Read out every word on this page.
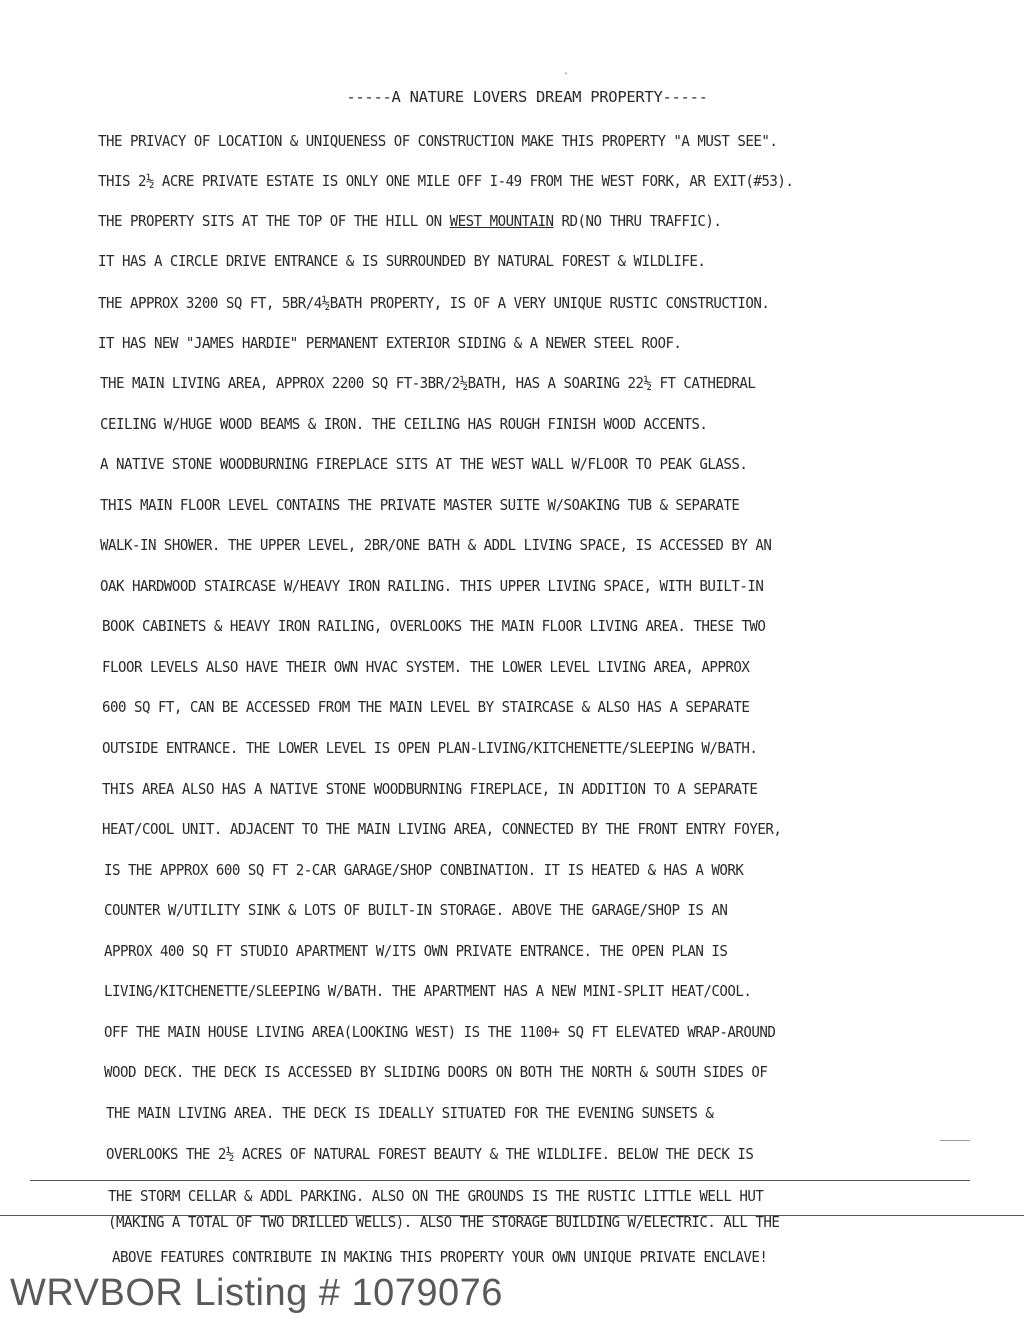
.
-----A NATURE LOVERS DREAM PROPERTY-----
THE PRIVACY OF LOCATION & UNIQUENESS OF CONSTRUCTION MAKE THIS PROPERTY "A MUST SEE".
THIS 2½ ACRE PRIVATE ESTATE IS ONLY ONE MILE OFF I-49 FROM THE WEST FORK, AR EXIT(#53).
THE PROPERTY SITS AT THE TOP OF THE HILL ON WEST MOUNTAIN RD(NO THRU TRAFFIC).
IT HAS A CIRCLE DRIVE ENTRANCE & IS SURROUNDED BY NATURAL FOREST & WILDLIFE.
THE APPROX 3200 SQ FT, 5BR/4½BATH PROPERTY, IS OF A VERY UNIQUE RUSTIC CONSTRUCTION.
IT HAS NEW "JAMES HARDIE" PERMANENT EXTERIOR SIDING & A NEWER STEEL ROOF.
THE MAIN LIVING AREA, APPROX 2200 SQ FT-3BR/2½BATH, HAS A SOARING 22½ FT CATHEDRAL
CEILING W/HUGE WOOD BEAMS & IRON. THE CEILING HAS ROUGH FINISH WOOD ACCENTS.
A NATIVE STONE WOODBURNING FIREPLACE SITS AT THE WEST WALL W/FLOOR TO PEAK GLASS.
THIS MAIN FLOOR LEVEL CONTAINS THE PRIVATE MASTER SUITE W/SOAKING TUB & SEPARATE
WALK-IN SHOWER. THE UPPER LEVEL, 2BR/ONE BATH & ADDL LIVING SPACE, IS ACCESSED BY AN
OAK HARDWOOD STAIRCASE W/HEAVY IRON RAILING. THIS UPPER LIVING SPACE, WITH BUILT-IN
BOOK CABINETS & HEAVY IRON RAILING, OVERLOOKS THE MAIN FLOOR LIVING AREA. THESE TWO
FLOOR LEVELS ALSO HAVE THEIR OWN HVAC SYSTEM. THE LOWER LEVEL LIVING AREA, APPROX
600 SQ FT, CAN BE ACCESSED FROM THE MAIN LEVEL BY STAIRCASE & ALSO HAS A SEPARATE
OUTSIDE ENTRANCE. THE LOWER LEVEL IS OPEN PLAN-LIVING/KITCHENETTE/SLEEPING W/BATH.
THIS AREA ALSO HAS A NATIVE STONE WOODBURNING FIREPLACE, IN ADDITION TO A SEPARATE
HEAT/COOL UNIT. ADJACENT TO THE MAIN LIVING AREA, CONNECTED BY THE FRONT ENTRY FOYER,
IS THE APPROX 600 SQ FT 2-CAR GARAGE/SHOP CONBINATION. IT IS HEATED & HAS A WORK
COUNTER W/UTILITY SINK & LOTS OF BUILT-IN STORAGE. ABOVE THE GARAGE/SHOP IS AN
APPROX 400 SQ FT STUDIO APARTMENT W/ITS OWN PRIVATE ENTRANCE. THE OPEN PLAN IS
LIVING/KITCHENETTE/SLEEPING W/BATH. THE APARTMENT HAS A NEW MINI-SPLIT HEAT/COOL.
OFF THE MAIN HOUSE LIVING AREA(LOOKING WEST) IS THE 1100+ SQ FT ELEVATED WRAP-AROUND
WOOD DECK. THE DECK IS ACCESSED BY SLIDING DOORS ON BOTH THE NORTH & SOUTH SIDES OF
THE MAIN LIVING AREA. THE DECK IS IDEALLY SITUATED FOR THE EVENING SUNSETS &
OVERLOOKS THE 2½ ACRES OF NATURAL FOREST BEAUTY & THE WILDLIFE. BELOW THE DECK IS
THE STORM CELLAR & ADDL PARKING. ALSO ON THE GROUNDS IS THE RUSTIC LITTLE WELL HUT
(MAKING A TOTAL OF TWO DRILLED WELLS). ALSO THE STORAGE BUILDING W/ELECTRIC. ALL THE
ABOVE FEATURES CONTRIBUTE IN MAKING THIS PROPERTY YOUR OWN UNIQUE PRIVATE ENCLAVE!
WRVBOR Listing # 1079076
